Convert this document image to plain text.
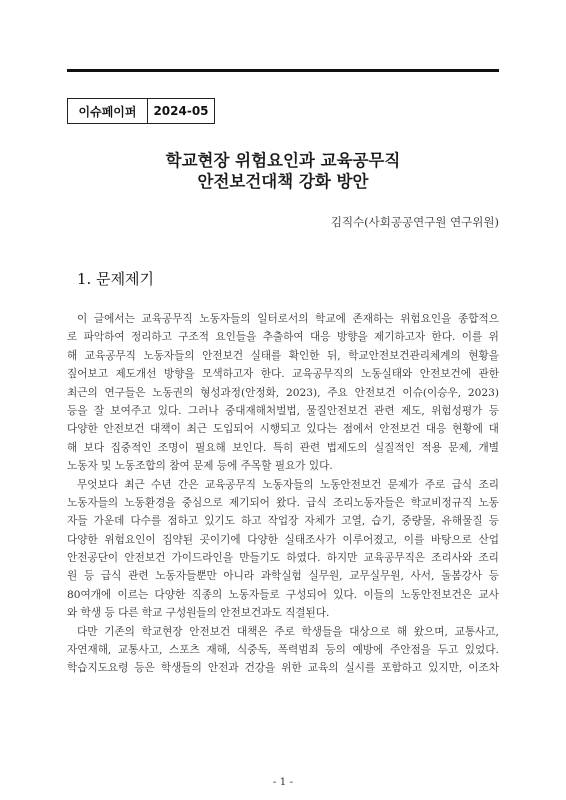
이슈페이퍼	2024-05
학교현장 위험요인과 교육공무직
안전보건대책 강화 방안
김직수(사회공공연구원 연구위원)
1. 문제제기
이 글에서는 교육공무직 노동자들의 일터로서의 학교에 존재하는 위험요인을 종합적으
로 파악하여 정리하고 구조적 요인들을 추출하여 대응 방향을 제기하고자 한다. 이를 위
해 교육공무직 노동자들의 안전보건 실태를 확인한 뒤, 학교안전보건관리체계의 현황을
짚어보고 제도개선 방향을 모색하고자 한다. 교육공무직의 노동실태와 안전보건에 관한
최근의 연구들은 노동권의 형성과정(안정화, 2023), 주요 안전보건 이슈(이승우, 2023)
등을 잘 보여주고 있다. 그러나 중대재해처벌법, 물질안전보건 관련 제도, 위험성평가 등
다양한 안전보건 대책이 최근 도입되어 시행되고 있다는 점에서 안전보건 대응 현황에 대
해 보다 집중적인 조명이 필요해 보인다. 특히 관련 법제도의 실질적인 적용 문제, 개별
노동자
및
노동조합의
참여
문제
등에
주목할
필요가
있다.

무엇보다 최근 수년 간은 교육공무직 노동자들의 노동안전보건 문제가 주로 급식 조리
노동자들의 노동환경을 중심으로 제기되어 왔다. 급식 조리노동자들은 학교비정규직 노동
자들 가운데 다수를 점하고 있기도 하고 작업장 자체가 고열, 습기, 중량물, 유해물질 등
다양한 위험요인이 집약된 곳이기에 다양한 실태조사가 이루어졌고, 이를 바탕으로 산업
안전공단이 안전보건 가이드라인을 만들기도 하였다. 하지만 교육공무직은 조리사와 조리
원 등 급식 관련 노동자들뿐만 아니라 과학실험 실무원, 교무실무원, 사서, 돌봄강사 등
80여개에 이르는 다양한 직종의 노동자들로 구성되어 있다. 이들의 노동안전보건은 교사
와
학생
등
다른
학교
구성원들의
안전보건과도
직결된다.

다만 기존의 학교현장 안전보건 대책은 주로 학생들을 대상으로 해 왔으며, 교통사고,
자연재해, 교통사고, 스포츠 재해, 식중독, 폭력범죄 등의 예방에 주안점을 두고 있었다.
학습지도요령 등은 학생들의 안전과 건강을 위한 교육의 실시를 포함하고 있지만, 이조차
- 1 -
